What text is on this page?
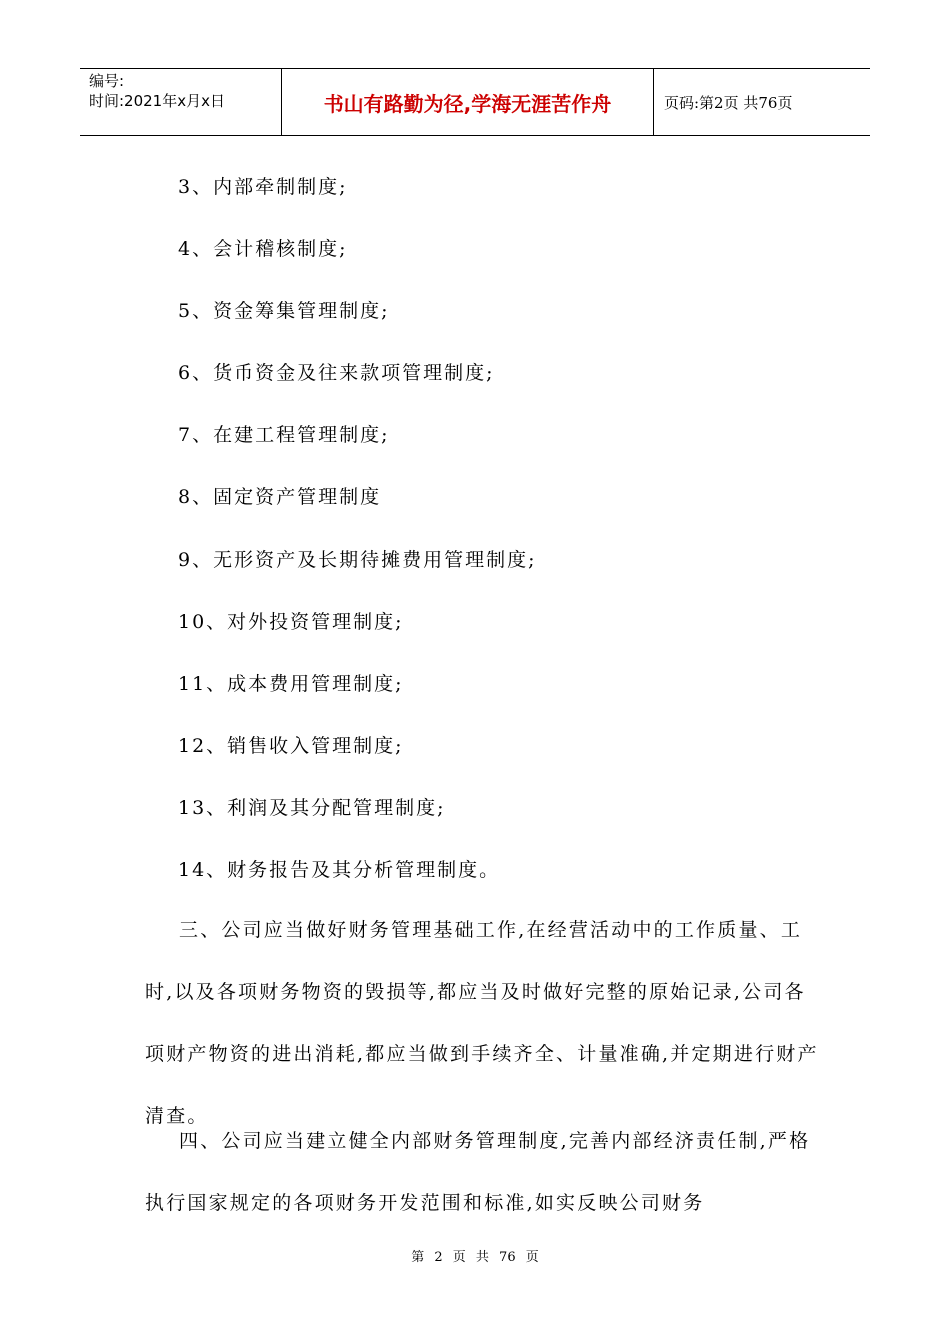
编号:
时间:2021年x月x日	书山有路勤为径,学海无涯苦作舟	页码:第2页 共76页
3、内部牵制制度;
4、会计稽核制度;
5、资金筹集管理制度;
6、货币资金及往来款项管理制度;
7、在建工程管理制度;
8、固定资产管理制度
9、无形资产及长期待摊费用管理制度;
10、对外投资管理制度;
11、成本费用管理制度;
12、销售收入管理制度;
13、利润及其分配管理制度;
14、财务报告及其分析管理制度。
三、公司应当做好财务管理基础工作,在经营活动中的工作质量、工时,以及各项财务物资的毁损等,都应当及时做好完整的原始记录,公司各项财产物资的进出消耗,都应当做到手续齐全、计量准确,并定期进行财产清查。
四、公司应当建立健全内部财务管理制度,完善内部经济责任制,严格执行国家规定的各项财务开发范围和标准,如实反映公司财务
第 2 页 共 76 页
